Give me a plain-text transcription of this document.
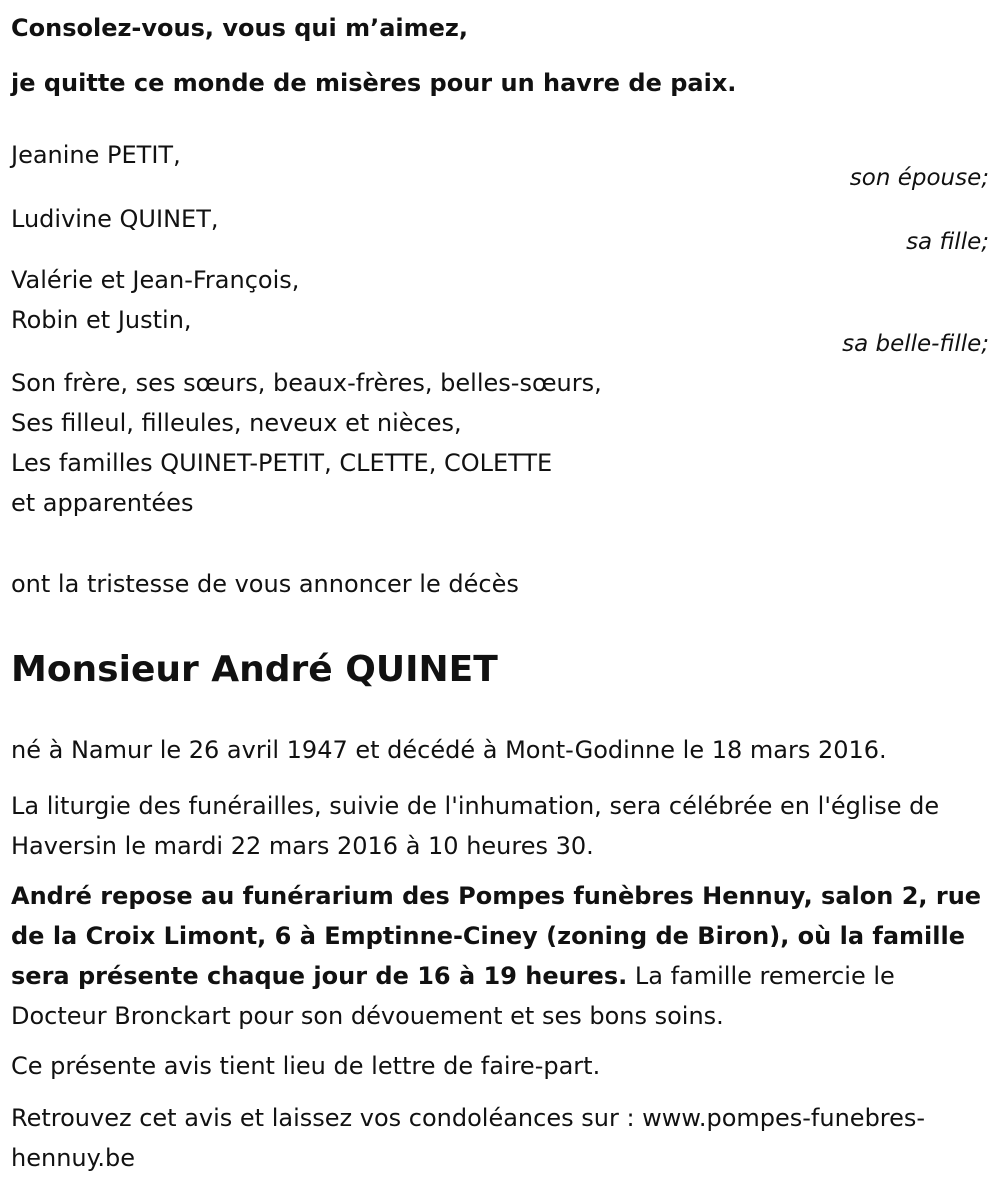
Consolez-vous, vous qui m’aimez,
je quitte ce monde de misères pour un havre de paix.
Jeanine PETIT,
son épouse;
Ludivine QUINET,
sa fille;
Valérie et Jean-François,
Robin et Justin,
sa belle-fille;
Son frère, ses sœurs, beaux-frères, belles-sœurs,
Ses filleul, filleules, neveux et nièces,
Les familles QUINET-PETIT, CLETTE, COLETTE
et apparentées
ont la tristesse de vous annoncer le décès
Monsieur André QUINET
né à Namur le 26 avril 1947 et décédé à Mont-Godinne le 18 mars 2016.
La liturgie des funérailles, suivie de l'inhumation, sera célébrée en l'église de Haversin le mardi 22 mars 2016 à 10 heures 30.
André repose au funérarium des Pompes funèbres Hennuy, salon 2, rue de la Croix Limont, 6 à Emptinne-Ciney (zoning de Biron), où la famille sera présente chaque jour de 16 à 19 heures. La famille remercie le Docteur Bronckart pour son dévouement et ses bons soins.
Ce présente avis tient lieu de lettre de faire-part.
Retrouvez cet avis et laissez vos condoléances sur : www.pompes-funebres-hennuy.be
